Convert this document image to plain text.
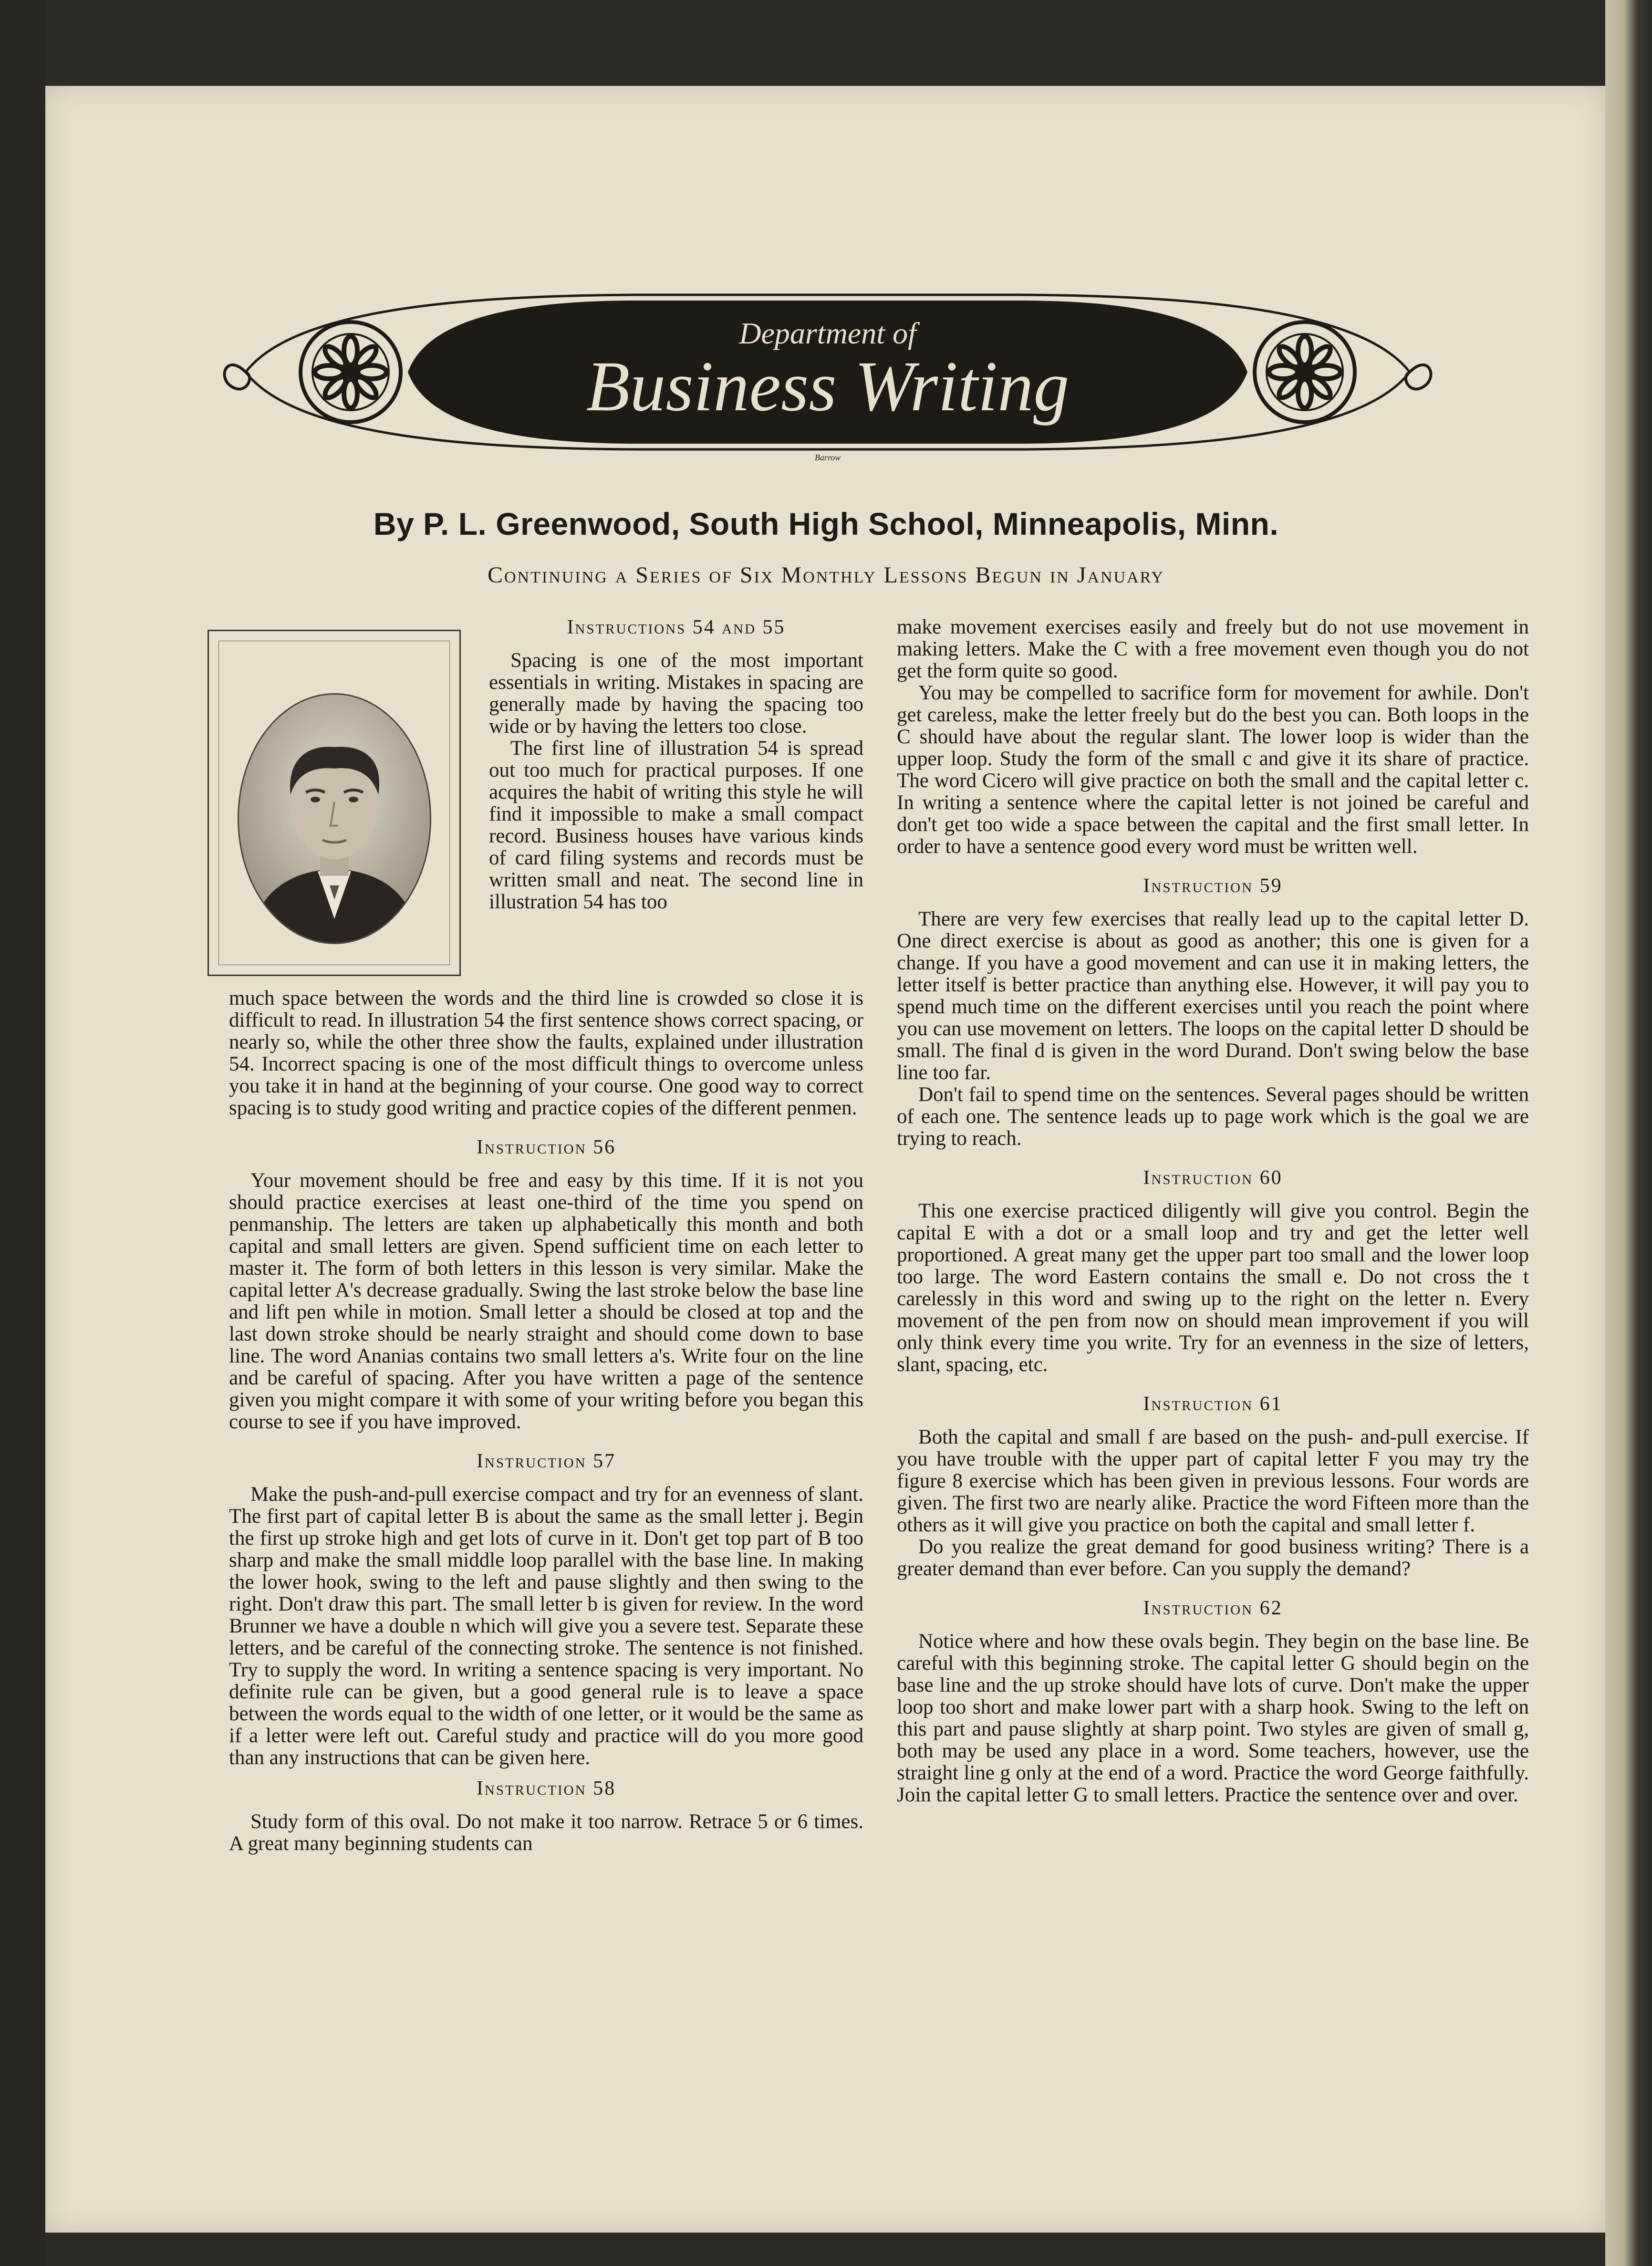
Department of
Business Writing
Barrow
By P. L. Greenwood, South High School, Minneapolis, Minn.
Continuing a Series of Six Monthly Lessons Begun in January
Instructions 54 and 55

Spacing is one of the most important essentials in writing. Mistakes in spacing are generally made by having the spacing too wide or by having the letters too close.

The first line of illustration 54 is spread out too much for practical purposes. If one acquires the habit of writing this style he will find it impossible to make a small compact record. Business houses have various kinds of card filing systems and records must be written small and neat. The second line in illustration 54 has too

much space between the words and the third line is crowded so close it is difficult to read. In illustration 54 the first sentence shows correct spacing, or nearly so, while the other three show the faults, explained under illustration 54. Incorrect spacing is one of the most difficult things to overcome unless you take it in hand at the beginning of your course. One good way to correct spacing is to study good writing and practice copies of the different penmen.

Instruction 56

Your movement should be free and easy by this time. If it is not you should practice exercises at least one-third of the time you spend on penmanship. The letters are taken up alphabetically this month and both capital and small letters are given. Spend sufficient time on each letter to master it. The form of both letters in this lesson is very similar. Make the capital letter A's decrease gradually. Swing the last stroke below the base line and lift pen while in motion. Small letter a should be closed at top and the last down stroke should be nearly straight and should come down to base line. The word Ananias contains two small letters a's. Write four on the line and be careful of spacing. After you have written a page of the sentence given you might compare it with some of your writing before you began this course to see if you have improved.

Instruction 57

Make the push-and-pull exercise compact and try for an evenness of slant. The first part of capital letter B is about the same as the small letter j. Begin the first up stroke high and get lots of curve in it. Don't get top part of B too sharp and make the small middle loop parallel with the base line. In making the lower hook, swing to the left and pause slightly and then swing to the right. Don't draw this part. The small letter b is given for review. In the word Brunner we have a double n which will give you a severe test. Separate these letters, and be careful of the connecting stroke. The sentence is not finished. Try to supply the word. In writing a sentence spacing is very important. No definite rule can be given, but a good general rule is to leave a space between the words equal to the width of one letter, or it would be the same as if a letter were left out. Careful study and practice will do you more good than any instructions that can be given here.

Instruction 58

Study form of this oval. Do not make it too narrow. Retrace 5 or 6 times. A great many beginning students can

make movement exercises easily and freely but do not use movement in making letters. Make the C with a free movement even though you do not get the form quite so good.

You may be compelled to sacrifice form for movement for awhile. Don't get careless, make the letter freely but do the best you can. Both loops in the C should have about the regular slant. The lower loop is wider than the upper loop. Study the form of the small c and give it its share of practice. The word Cicero will give practice on both the small and the capital letter c. In writing a sentence where the capital letter is not joined be careful and don't get too wide a space between the capital and the first small letter. In order to have a sentence good every word must be written well.

Instruction 59

There are very few exercises that really lead up to the capital letter D. One direct exercise is about as good as another; this one is given for a change. If you have a good movement and can use it in making letters, the letter itself is better practice than anything else. However, it will pay you to spend much time on the different exercises until you reach the point where you can use movement on letters. The loops on the capital letter D should be small. The final d is given in the word Durand. Don't swing below the base line too far.

Don't fail to spend time on the sentences. Several pages should be written of each one. The sentence leads up to page work which is the goal we are trying to reach.

Instruction 60

This one exercise practiced diligently will give you control. Begin the capital E with a dot or a small loop and try and get the letter well proportioned. A great many get the upper part too small and the lower loop too large. The word Eastern contains the small e. Do not cross the t carelessly in this word and swing up to the right on the letter n. Every movement of the pen from now on should mean improvement if you will only think every time you write. Try for an evenness in the size of letters, slant, spacing, etc.

Instruction 61

Both the capital and small f are based on the push- and-pull exercise. If you have trouble with the upper part of capital letter F you may try the figure 8 exercise which has been given in previous lessons. Four words are given. The first two are nearly alike. Practice the word Fifteen more than the others as it will give you practice on both the capital and small letter f.

Do you realize the great demand for good business writing? There is a greater demand than ever before. Can you supply the demand?

Instruction 62

Notice where and how these ovals begin. They begin on the base line. Be careful with this beginning stroke. The capital letter G should begin on the base line and the up stroke should have lots of curve. Don't make the upper loop too short and make lower part with a sharp hook. Swing to the left on this part and pause slightly at sharp point. Two styles are given of small g, both may be used any place in a word. Some teachers, however, use the straight line g only at the end of a word. Practice the word George faithfully. Join the capital letter G to small letters. Practice the sentence over and over.
